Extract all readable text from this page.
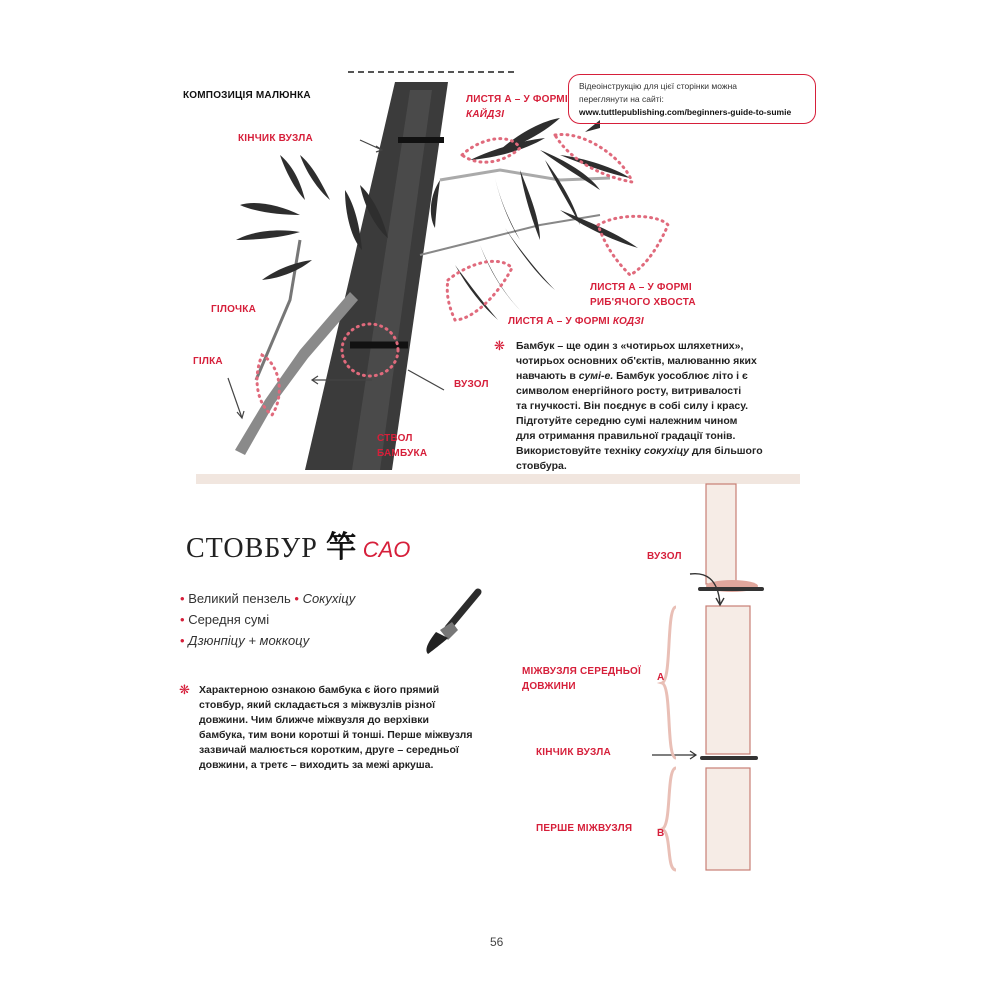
КОМПОЗИЦІЯ МАЛЮНКА
Відеоінструкцію для цієї сторінки можна
переглянути на сайті:
www.tuttlepublishing.com/beginners-guide-to-sumie
КІНЧИК ВУЗЛА
ЛИСТЯ А – У ФОРМІ
КАЙДЗІ
ЛИСТЯ А – У ФОРМІ
РИБ'ЯЧОГО ХВОСТА
ЛИСТЯ А – У ФОРМІ КОДЗІ
ГІЛОЧКА
ГІЛКА
ВУЗОЛ
СТВОЛ
БАМБУКА
❋ Бамбук – ще один з «чотирьох шляхетних»,
чотирьох основних об'єктів, малюванню яких
навчають в сумі-е. Бамбук уособлює літо і є
символом енергійного росту, витривалості
та гнучкості. Він поєднує в собі силу і красу.
Підготуйте середню сумі належним чином
для отримання правильної градації тонів.
Використовуйте техніку сокухіцу для більшого
стовбура.
СТОВБУР 竿 CAO
• Великий пензель • Сокухіцу
• Середня сумі
• Дзюнпіцу + моккоцу
❋ Характерною ознакою бамбука є його прямий
стовбур, який складається з міжвузлів різної
довжини. Чим ближче міжвузля до верхівки
бамбука, тим вони коротші й тонші. Перше міжвузля
зазвичай малюється коротким, друге – середньої
довжини, а третє – виходить за межі аркуша.
ВУЗОЛ
МІЖВУЗЛЯ СЕРЕДНЬОЇ
ДОВЖИНИ
A
КІНЧИК ВУЗЛА
ПЕРШЕ МІЖВУЗЛЯ B
56
